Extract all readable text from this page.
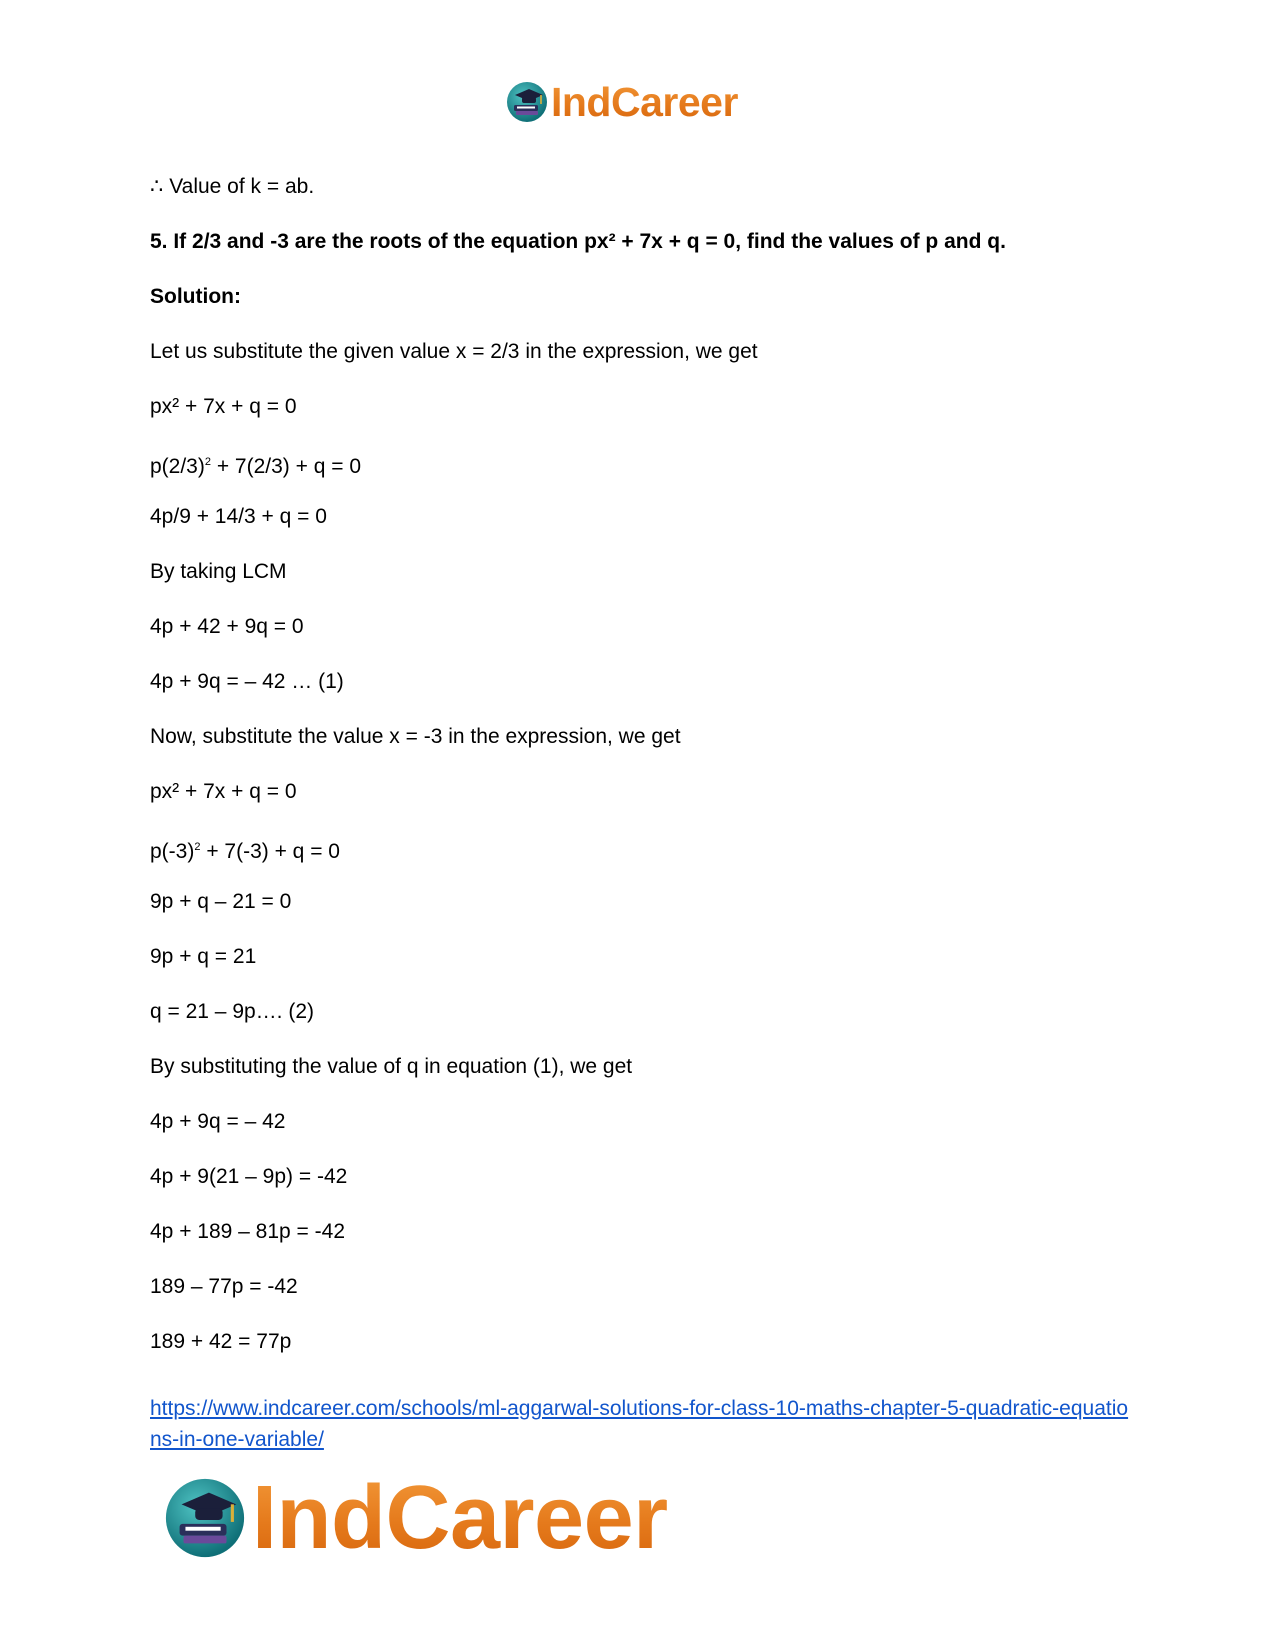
IndCareer
∴ Value of k = ab.
5. If 2/3 and -3 are the roots of the equation px² + 7x + q = 0, find the values of p and q.
Solution:
Let us substitute the given value x = 2/3 in the expression, we get
px² + 7x + q = 0
$p(2/3)^2 + 7(2/3) + q = 0$
4p/9 + 14/3 + q = 0
By taking LCM
4p + 42 + 9q = 0
4p + 9q = – 42 … (1)
Now, substitute the value x = -3 in the expression, we get
px² + 7x + q = 0
$p(-3)^2 + 7(-3) + q = 0$
9p + q – 21 = 0
9p + q = 21
q = 21 – 9p…. (2)
By substituting the value of q in equation (1), we get
4p + 9q = – 42
4p + 9(21 – 9p) = -42
4p + 189 – 81p = -42
189 – 77p = -42
189 + 42 = 77p
https://www.indcareer.com/schools/ml-aggarwal-solutions-for-class-10-maths-chapter-5-quadratic-equations-in-one-variable/
IndCareer
